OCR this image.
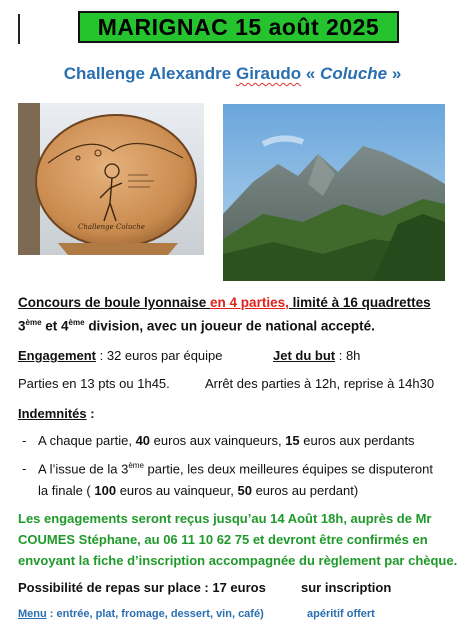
MARIGNAC 15 août 2025
Challenge Alexandre Giraudo « Coluche »
Challenge Coluche
Concours de boule lyonnaise en 4 parties, limité à 16 quadrettes
3ème et 4ème division, avec un joueur de national accepté.
Engagement : 32 euros par équipe	Jet du but : 8h
Parties en 13 pts ou 1h45.	Arrêt des parties à 12h, reprise à 14h30
Indemnités :
- A chaque partie, 40 euros aux vainqueurs, 15 euros aux perdants
- A l’issue de la 3ème partie, les deux meilleures équipes se disputeront
la finale ( 100 euros au vainqueur, 50 euros au perdant)
Les engagements seront reçus jusqu’au 14 Août 18h, auprès de Mr
COUMES Stéphane, au 06 11 10 62 75 et devront être confirmés en
envoyant la fiche d’inscription accompagnée du règlement par chèque.
Possibilité de repas sur place : 17 euros	sur inscription
Menu : entrée, plat, fromage, dessert, vin, café)	apéritif offert
